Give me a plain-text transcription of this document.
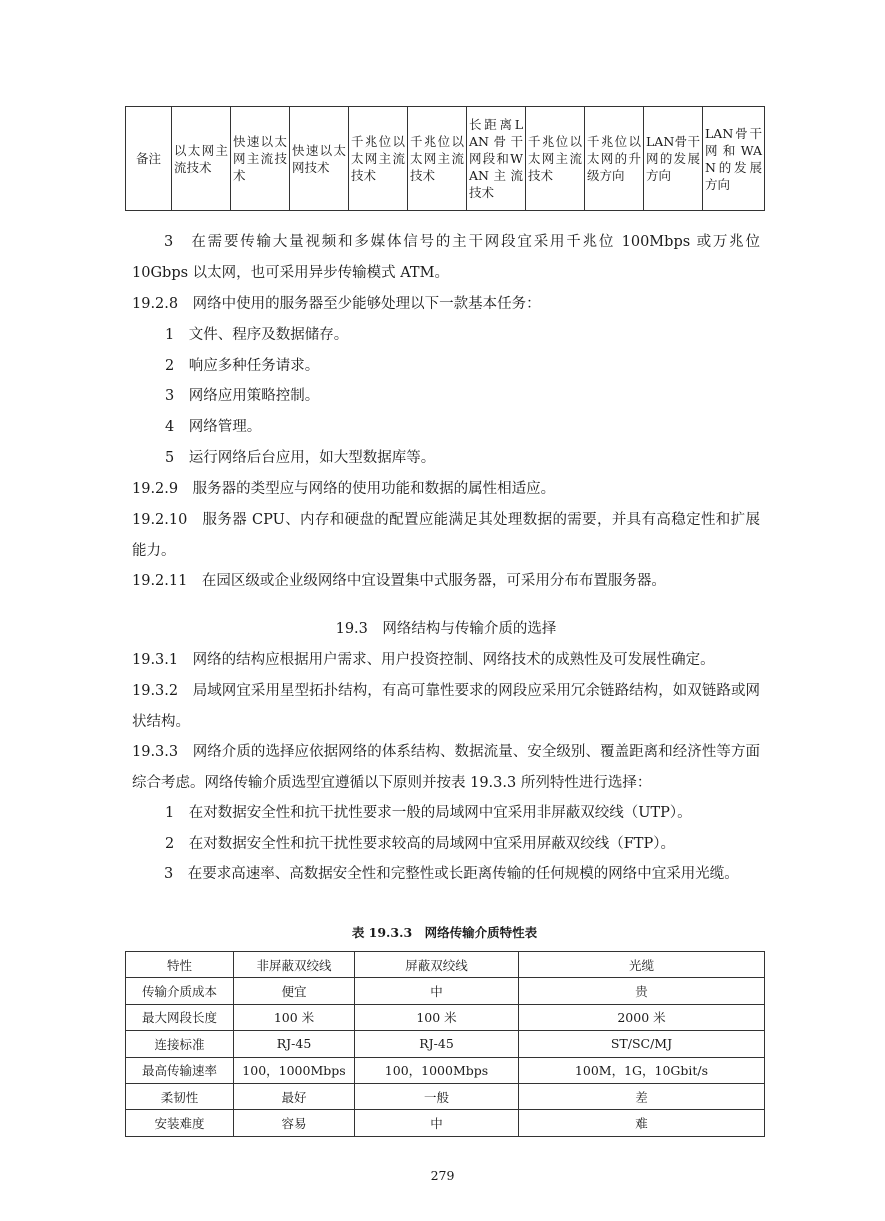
备注	以太网主流技术	快速以太网主流技术	快速以太网技术	千兆位以太网主流技术	千兆位以太网主流技术	长距离LAN骨干网段和WAN主流技术	千兆位以太网主流技术	千兆位以太网的升级方向	LAN骨干网的发展方向	LAN骨干网和WAN的发展方向

3　在需要传输大量视频和多媒体信号的主干网段宜采用千兆位 100Mbps 或万兆位 10Gbps 以太网，也可采用异步传输模式 ATM。

19.2.8　网络中使用的服务器至少能够处理以下一款基本任务：

1　文件、程序及数据储存。
2　响应多种任务请求。
3　网络应用策略控制。
4　网络管理。
5　运行网络后台应用，如大型数据库等。

19.2.9　服务器的类型应与网络的使用功能和数据的属性相适应。

19.2.10　服务器 CPU、内存和硬盘的配置应能满足其处理数据的需要，并具有高稳定性和扩展能力。

19.2.11　在园区级或企业级网络中宜设置集中式服务器，可采用分布布置服务器。

19.3　网络结构与传输介质的选择

19.3.1　网络的结构应根据用户需求、用户投资控制、网络技术的成熟性及可发展性确定。

19.3.2　局域网宜采用星型拓扑结构，有高可靠性要求的网段应采用冗余链路结构，如双链路或网状结构。

19.3.3　网络介质的选择应依据网络的体系结构、数据流量、安全级别、覆盖距离和经济性等方面综合考虑。网络传输介质选型宜遵循以下原则并按表 19.3.3 所列特性进行选择：

1　在对数据安全性和抗干扰性要求一般的局域网中宜采用非屏蔽双绞线（UTP）。
2　在对数据安全性和抗干扰性要求较高的局域网中宜采用屏蔽双绞线（FTP）。

3　在要求高速率、高数据安全性和完整性或长距离传输的任何规模的网络中宜采用光缆。

表 19.3.3　网络传输介质特性表
特性	非屏蔽双绞线	屏蔽双绞线	光缆
传输介质成本	便宜	中	贵
最大网段长度	100 米	100 米	2000 米
连接标准	RJ-45	RJ-45	ST/SC/MJ
最高传输速率	100，1000Mbps	100，1000Mbps	100M，1G，10Gbit/s
柔韧性	最好	一般	差
安装难度	容易	中	难
279
